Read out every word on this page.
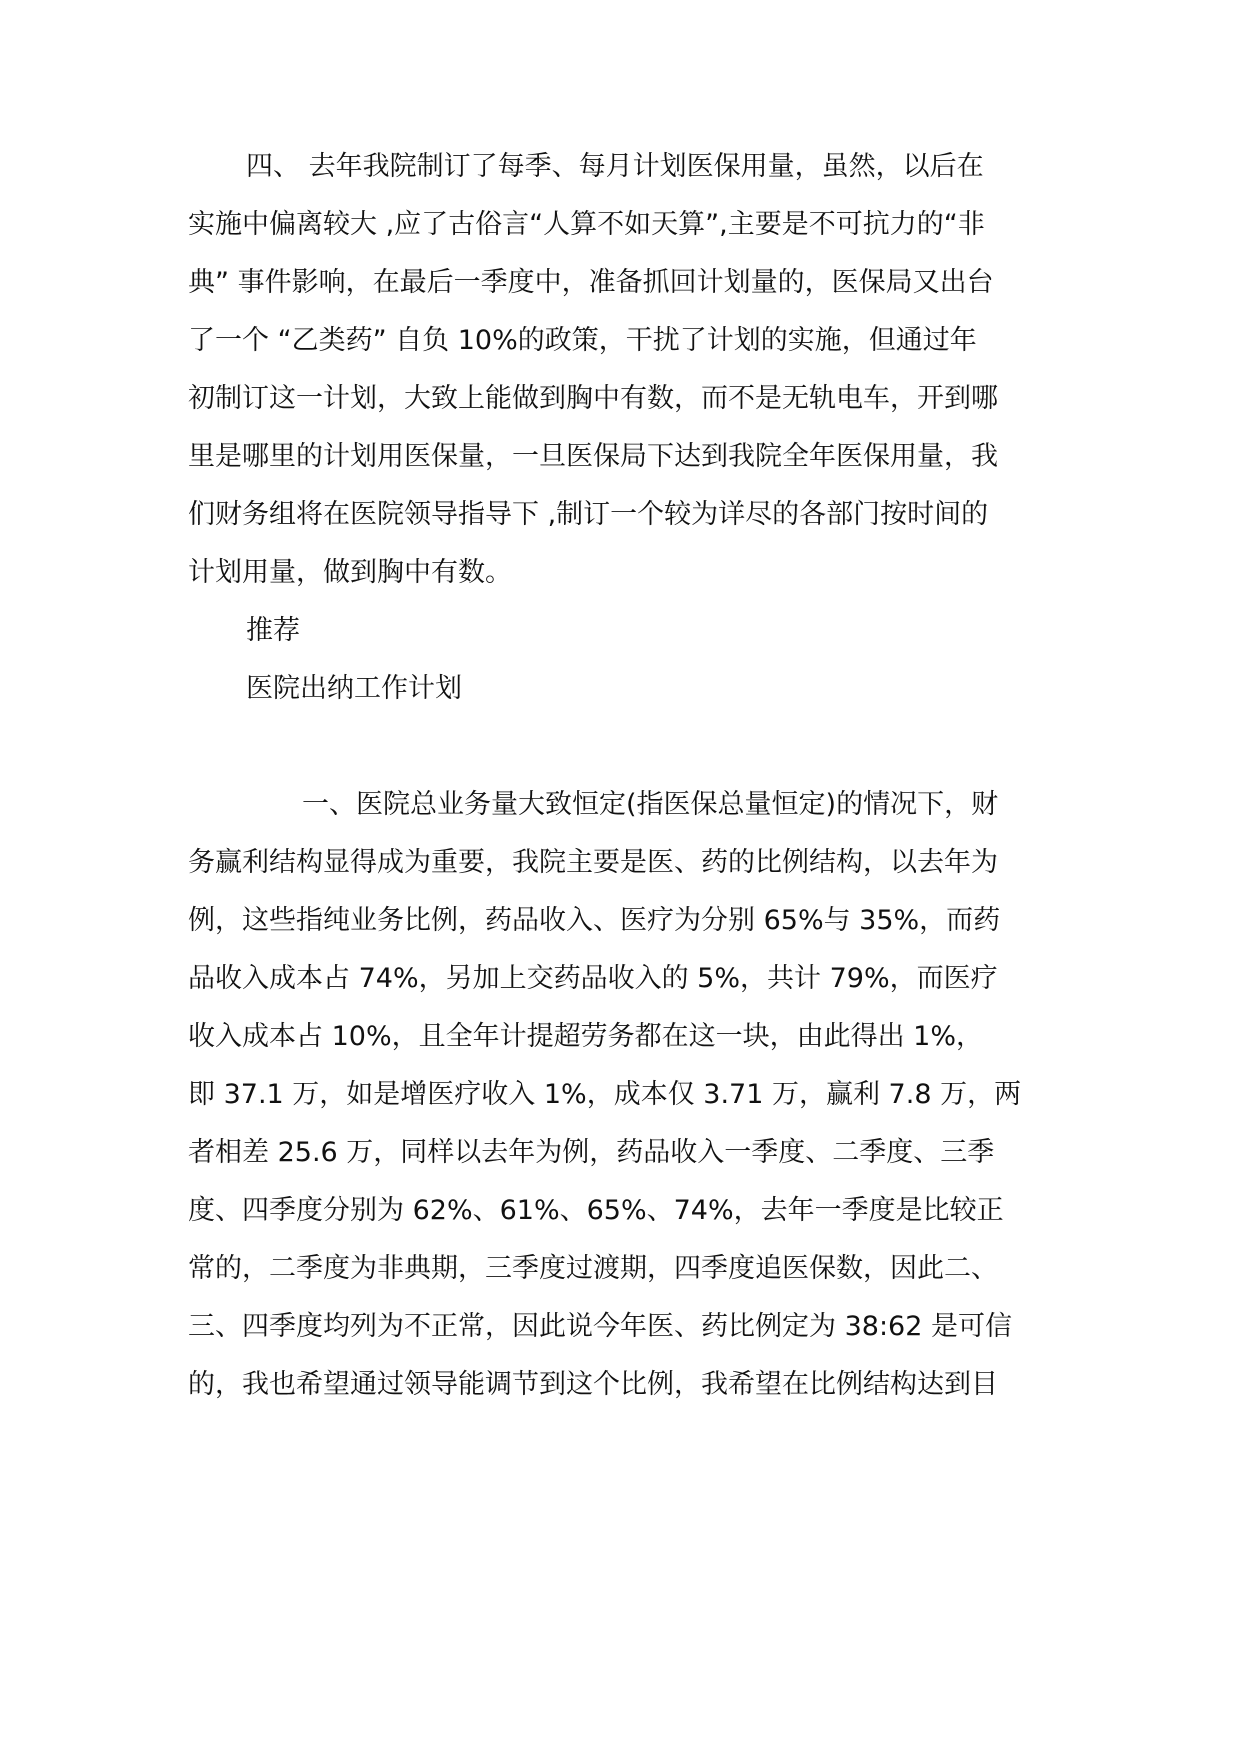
四、 去年我院制订了每季、每月计划医保用量，虽然，以后在
实施中偏离较大 ,应了古俗言“人算不如天算”,主要是不可抗力的“非
典” 事件影响，在最后一季度中，准备抓回计划量的，医保局又出台
了一个 “乙类药” 自负 10%的政策，干扰了计划的实施，但通过年
初制订这一计划，大致上能做到胸中有数，而不是无轨电车，开到哪
里是哪里的计划用医保量，一旦医保局下达到我院全年医保用量，我
们财务组将在医院领导指导下 ,制订一个较为详尽的各部门按时间的
计划用量，做到胸中有数。
推荐
医院出纳工作计划
一、医院总业务量大致恒定(指医保总量恒定)的情况下，财
务赢利结构显得成为重要，我院主要是医、药的比例结构，以去年为
例，这些指纯业务比例，药品收入、医疗为分别 65%与 35%，而药
品收入成本占 74%，另加上交药品收入的 5%，共计 79%，而医疗
收入成本占 10%，且全年计提超劳务都在这一块，由此得出 1%，
即 37.1 万，如是增医疗收入 1%，成本仅 3.71 万，赢利 7.8 万，两
者相差 25.6 万，同样以去年为例，药品收入一季度、二季度、三季
度、四季度分别为 62%、61%、65%、74%，去年一季度是比较正
常的，二季度为非典期，三季度过渡期，四季度追医保数，因此二、
三、四季度均列为不正常，因此说今年医、药比例定为 38:62 是可信
的，我也希望通过领导能调节到这个比例，我希望在比例结构达到目
